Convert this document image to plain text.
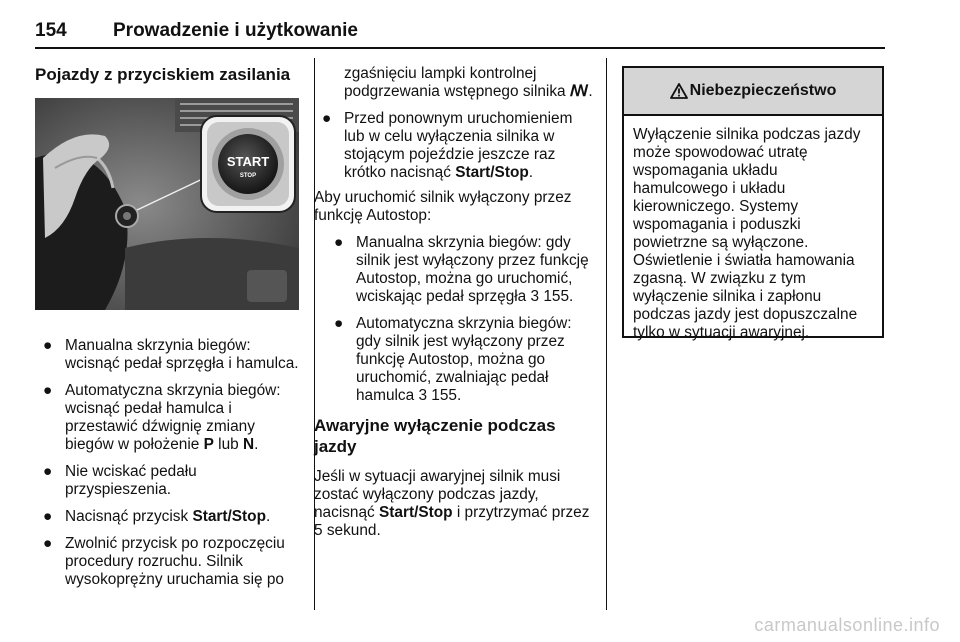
154 Prowadzenie i użytkowanie

Pojazdy z przyciskiem zasilania

START
STOP
● Manualna skrzynia biegów: wcisnąć pedał sprzęgła i hamulca.
● Automatyczna skrzynia biegów: wcisnąć pedał hamulca i przestawić dźwignię zmiany biegów w położenie P lub N.
● Nie wciskać pedału przyspieszenia.
● Nacisnąć przycisk Start/Stop.
● Zwolnić przycisk po rozpoczęciu procedury rozruchu. Silnik wysokoprężny uruchamia się po
zgaśnięciu lampki kontrolnej podgrzewania wstępnego silnika ꟿ.
● Przed ponownym uruchomieniem lub w celu wyłączenia silnika w stojącym pojeździe jeszcze raz krótko nacisnąć Start/Stop.

Aby uruchomić silnik wyłączony przez funkcję Autostop:

● Manualna skrzynia biegów: gdy silnik jest wyłączony przez funkcję Autostop, można go uruchomić, wciskając pedał sprzęgła 3 155.
● Automatyczna skrzynia biegów: gdy silnik jest wyłączony przez funkcję Autostop, można go uruchomić, zwalniając pedał hamulca 3 155.

Awaryjne wyłączenie podczas jazdy

Jeśli w sytuacji awaryjnej silnik musi zostać wyłączony podczas jazdy, nacisnąć Start/Stop i przytrzymać przez 5 sekund.

Niebezpieczeństwo
Wyłączenie silnika podczas jazdy może spowodować utratę wspomagania układu hamulcowego i układu kierowniczego. Systemy wspomagania i poduszki powietrzne są wyłączone. Oświetlenie i światła hamowania zgasną. W związku z tym wyłączenie silnika i zapłonu podczas jazdy jest dopuszczalne tylko w sytuacji awaryjnej.
carmanualsonline.info
